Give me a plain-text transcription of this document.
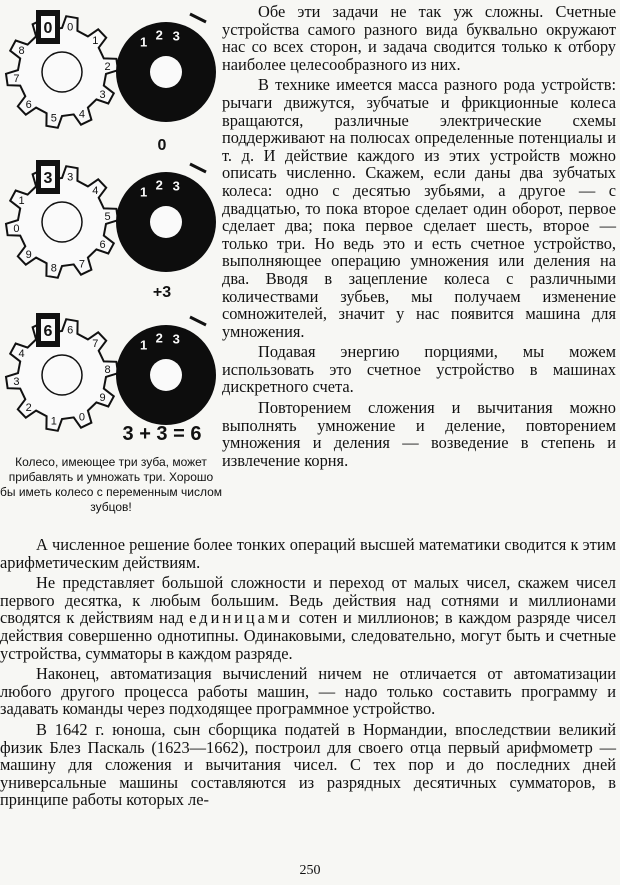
0
1
2
3
4
5
6
7
8
0
1 2 3
0
3
4
5
6
7
8
9
0
1
3
1 2 3
+3
6
7
8
9
0
1
2
3
4
6
1 2 3
3 + 3 = 6
Колесо, имеющее три зуба, может прибавлять и умножать три. Хорошо бы иметь колесо с переменным числом зубцов!

Обе эти задачи не так уж сложны. Счетные устройства самого разного вида буквально окружают нас со всех сторон, и задача сводится только к отбору наиболее целесообразного из них.

В технике имеется масса разного рода устройств: рычаги движутся, зубчатые и фрикционные колеса вращаются, различные электрические схемы поддерживают на полюсах определенные потенциалы и т. д. И действие каждого из этих устройств можно описать численно. Скажем, если даны два зубчатых колеса: одно с десятью зубьями, а другое — с двадцатью, то пока второе сделает один оборот, первое сделает два; пока первое сделает шесть, второе — только три. Но ведь это и есть счетное устройство, выполняющее операцию умножения или деления на два. Вводя в зацепление колеса с различными количествами зубьев, мы получаем изменение сомножителей, значит у нас появится машина для умножения.

Подавая энергию порциями, мы можем использовать это счетное устройство в машинах дискретного счета.

Повторением сложения и вычитания можно выполнять умножение и деление, повторением умножения и деления — возведение в степень и извлечение корня.

А численное решение более тонких операций высшей математики сводится к этим арифметическим действиям.

Не представляет большой сложности и переход от малых чисел, скажем чисел первого десятка, к любым большим. Ведь действия над сотнями и миллионами сводятся к действиям над единицами сотен и миллионов; в каждом разряде чисел действия совершенно однотипны. Одинаковыми, следовательно, могут быть и счетные устройства, сумматоры в каждом разряде.

Наконец, автоматизация вычислений ничем не отличается от автоматизации любого другого процесса работы машин, — надо только составить программу и задавать команды через подходящее программное устройство.

В 1642 г. юноша, сын сборщика податей в Нормандии, впоследствии великий физик Блез Паскаль (1623—1662), построил для своего отца первый арифмометр — машину для сложения и вычитания чисел. С тех пор и до последних дней универсальные машины составляются из разрядных десятичных сумматоров, в принципе работы которых ле-

250
